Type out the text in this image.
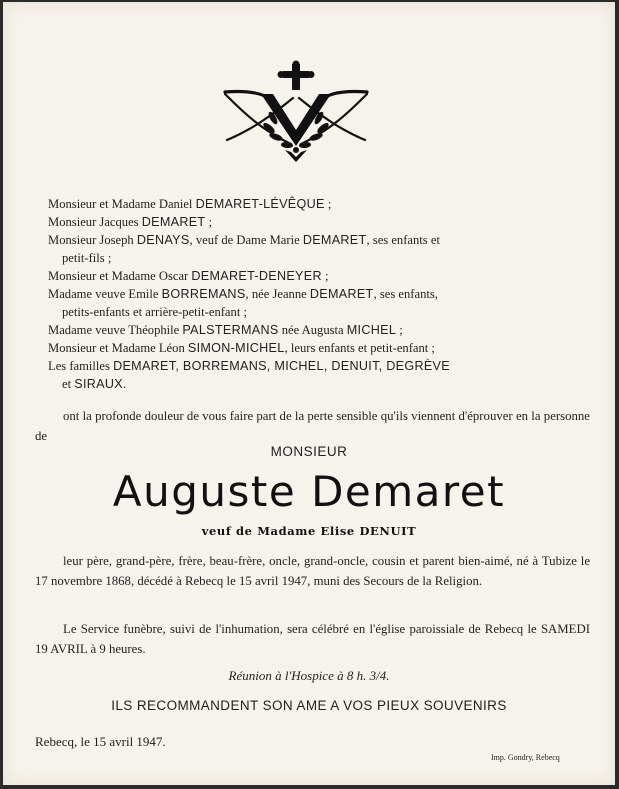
Monsieur et Madame Daniel DEMARET-LÉVÊQUE ;
Monsieur Jacques DEMARET ;
Monsieur Joseph DENAYS, veuf de Dame Marie DEMARET, ses enfants et
petit-fils ;
Monsieur et Madame Oscar DEMARET-DENEYER ;
Madame veuve Emile BORREMANS, née Jeanne DEMARET, ses enfants,
petits-enfants et arrière-petit-enfant ;
Madame veuve Théophile PALSTERMANS née Augusta MICHEL ;
Monsieur et Madame Léon SIMON-MICHEL, leurs enfants et petit-enfant ;
Les familles DEMARET, BORREMANS, MICHEL, DENUIT, DEGRÈVE
et SIRAUX.
ont la profonde douleur de vous faire part de la perte sensible qu'ils viennent d'éprouver en la personne de
MONSIEUR
Auguste Demaret
veuf de Madame Elise DENUIT
leur père, grand-père, frère, beau-frère, oncle, grand-oncle, cousin et parent bien-aimé, né à Tubize le 17 novembre 1868, décédé à Rebecq le 15 avril 1947, muni des Secours de la Religion.
Le Service funèbre, suivi de l'inhumation, sera célébré en l'église paroissiale de Rebecq le SAMEDI 19 AVRIL à 9 heures.
Réunion à l'Hospice à 8 h. 3/4.
ILS RECOMMANDENT SON AME A VOS PIEUX SOUVENIRS
Rebecq, le 15 avril 1947.
Imp. Gondry, Rebecq
